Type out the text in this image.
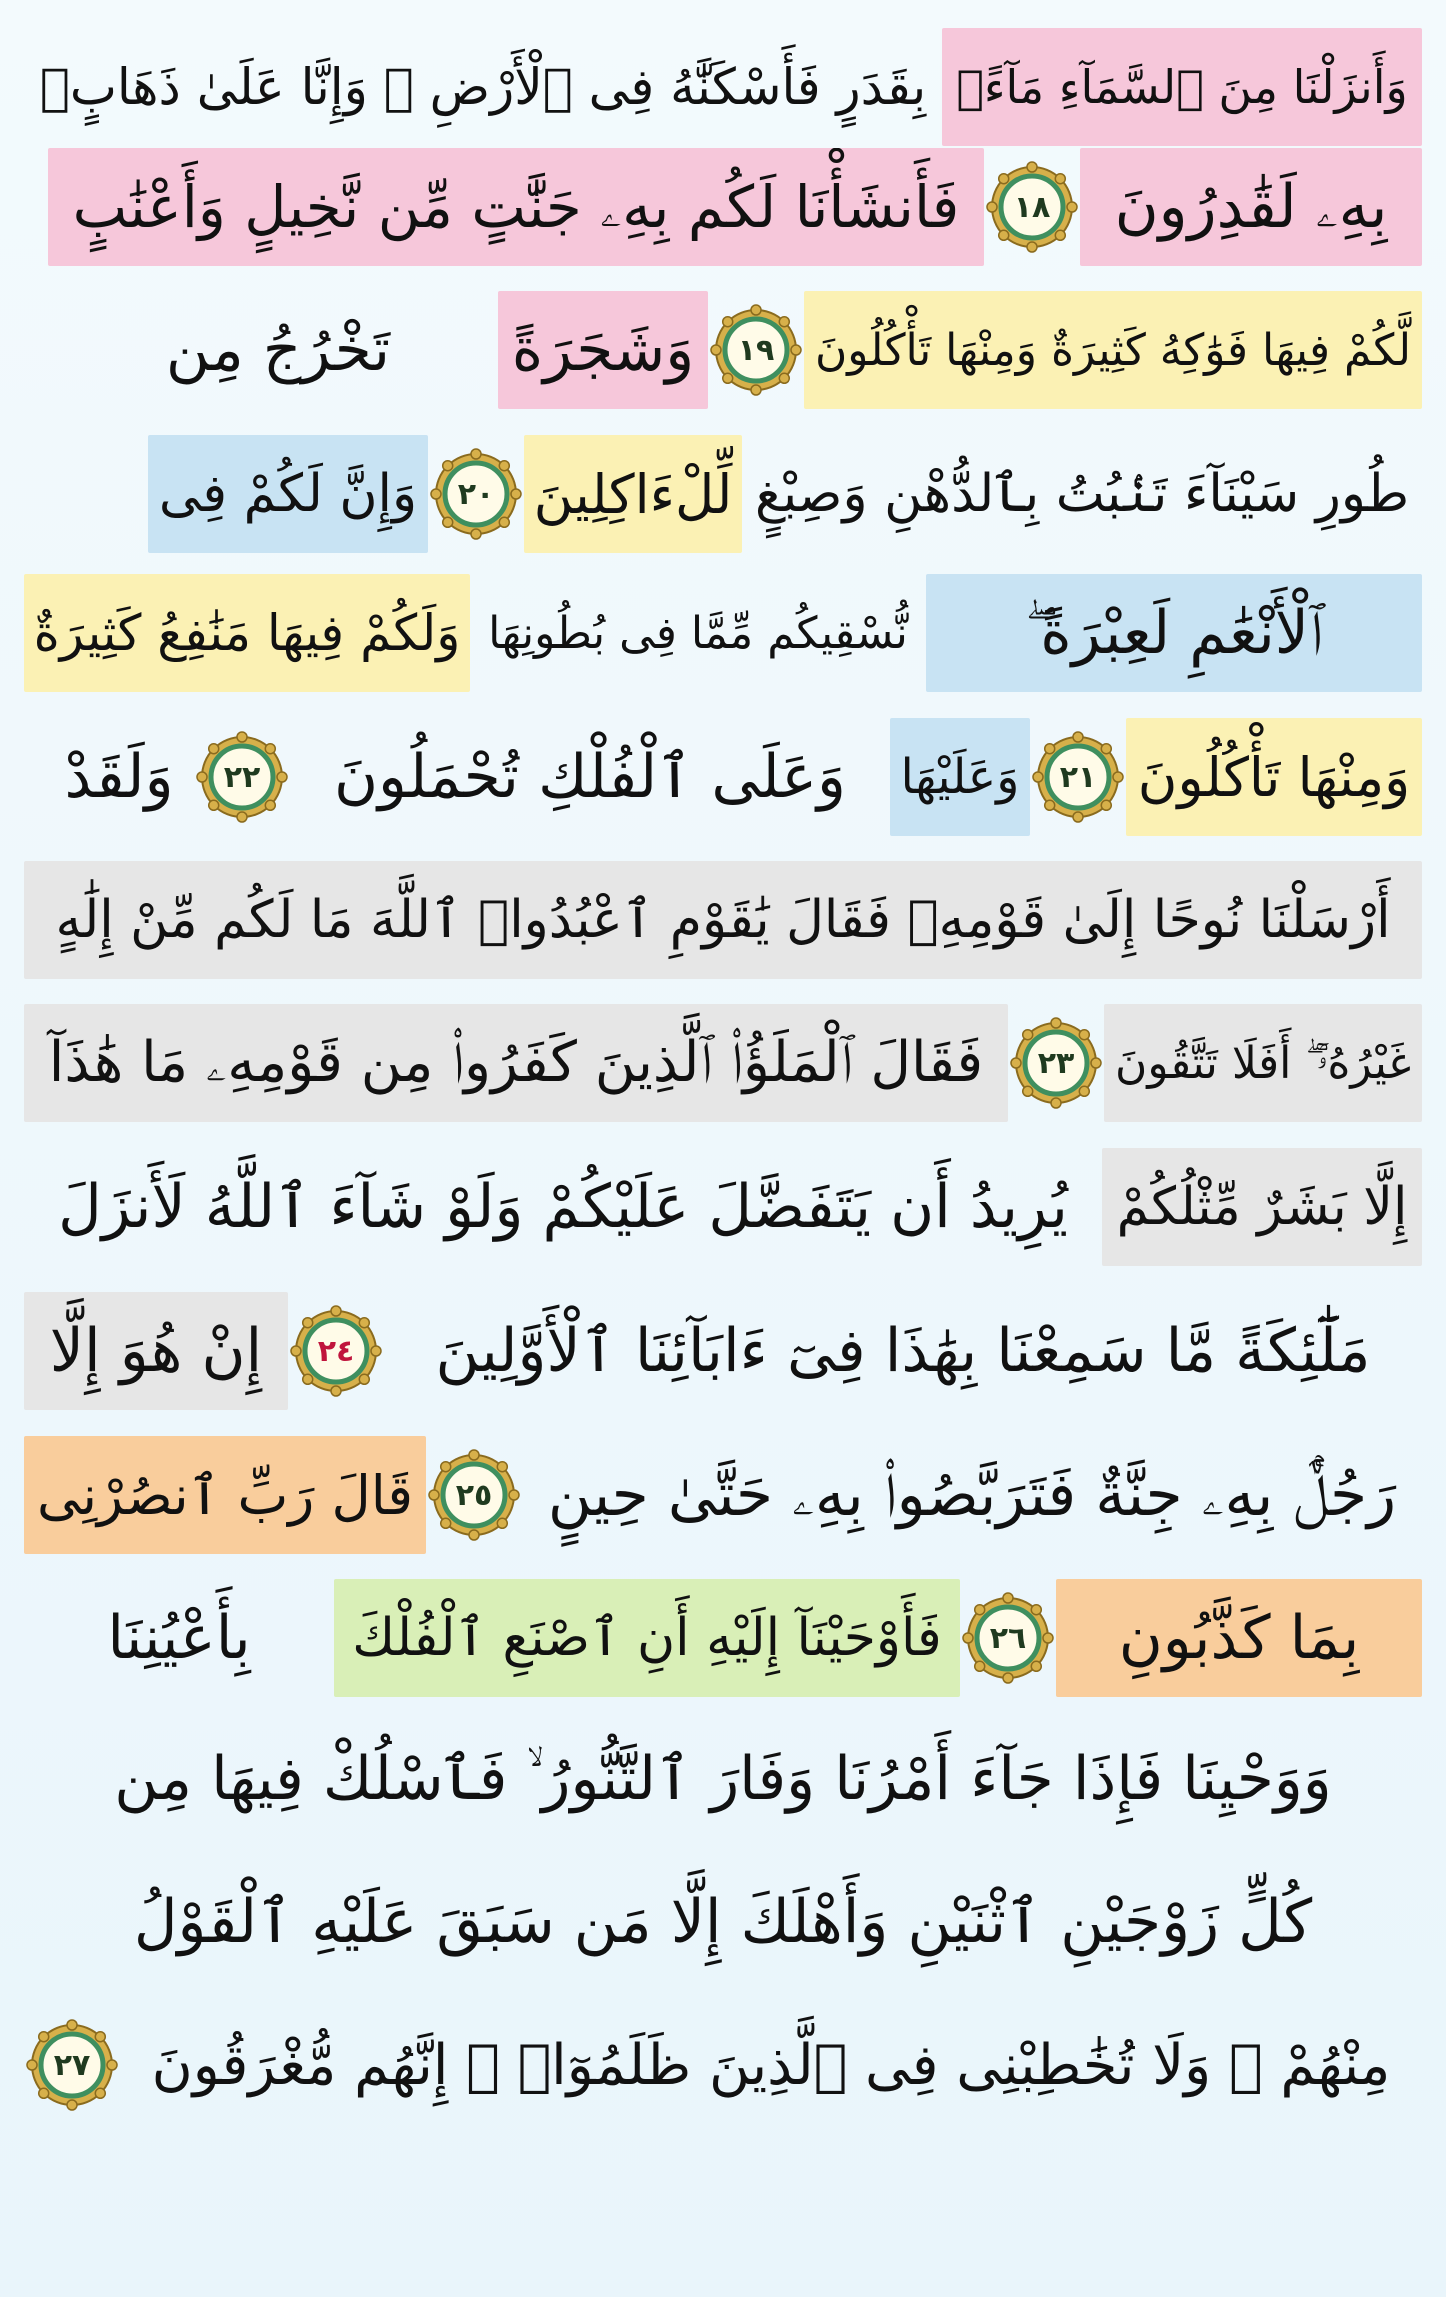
وَأَنزَلْنَا مِنَ ٱلسَّمَآءِ مَآءًۢ
بِقَدَرٍ فَأَسْكَنَّٰهُ فِى ٱلْأَرْضِ ۖ وَإِنَّا عَلَىٰ ذَهَابٍۭ
بِهِۦ لَقَٰدِرُونَ
١٨
فَأَنشَأْنَا لَكُم بِهِۦ جَنَّٰتٍ مِّن نَّخِيلٍ وَأَعْنَٰبٍ
لَّكُمْ فِيهَا فَوَٰكِهُ كَثِيرَةٌ وَمِنْهَا تَأْكُلُونَ
١٩
وَشَجَرَةً
تَخْرُجُ مِن
طُورِ سَيْنَآءَ تَنۢبُتُ بِٱلدُّهْنِ وَصِبْغٍ
لِّلْءَاكِلِينَ
٢٠
وَإِنَّ لَكُمْ فِى
ٱلْأَنْعَٰمِ لَعِبْرَةً ۖ
نُّسْقِيكُم مِّمَّا فِى بُطُونِهَا
وَلَكُمْ فِيهَا مَنَٰفِعُ كَثِيرَةٌ
وَمِنْهَا تَأْكُلُونَ
٢١
وَعَلَيْهَا
وَعَلَى ٱلْفُلْكِ تُحْمَلُونَ
٢٢
وَلَقَدْ
أَرْسَلْنَا نُوحًا إِلَىٰ قَوْمِهِۦ فَقَالَ يَٰقَوْمِ ٱعْبُدُوا۟ ٱللَّهَ مَا لَكُم مِّنْ إِلَٰهٍ
غَيْرُهُۥٓ ۖ أَفَلَا تَتَّقُونَ
٢٣
فَقَالَ ٱلْمَلَؤُا۟ ٱلَّذِينَ كَفَرُوا۟ مِن قَوْمِهِۦ مَا هَٰذَآ
إِلَّا بَشَرٌ مِّثْلُكُمْ
يُرِيدُ أَن يَتَفَضَّلَ عَلَيْكُمْ وَلَوْ شَآءَ ٱللَّهُ لَأَنزَلَ
مَلَٰٓئِكَةً مَّا سَمِعْنَا بِهَٰذَا فِىٓ ءَابَآئِنَا ٱلْأَوَّلِينَ
٢٤
إِنْ هُوَ إِلَّا
رَجُلٌۢ بِهِۦ جِنَّةٌ فَتَرَبَّصُوا۟ بِهِۦ حَتَّىٰ حِينٍ
٢٥
قَالَ رَبِّ ٱنصُرْنِى
بِمَا كَذَّبُونِ
٢٦
فَأَوْحَيْنَآ إِلَيْهِ أَنِ ٱصْنَعِ ٱلْفُلْكَ
بِأَعْيُنِنَا
وَوَحْيِنَا فَإِذَا جَآءَ أَمْرُنَا وَفَارَ ٱلتَّنُّورُ ۙ فَٱسْلُكْ فِيهَا مِن
كُلٍّ زَوْجَيْنِ ٱثْنَيْنِ وَأَهْلَكَ إِلَّا مَن سَبَقَ عَلَيْهِ ٱلْقَوْلُ
مِنْهُمْ ۖ وَلَا تُخَٰطِبْنِى فِى ٱلَّذِينَ ظَلَمُوٓا۟ ۖ إِنَّهُم مُّغْرَقُونَ
٢٧
